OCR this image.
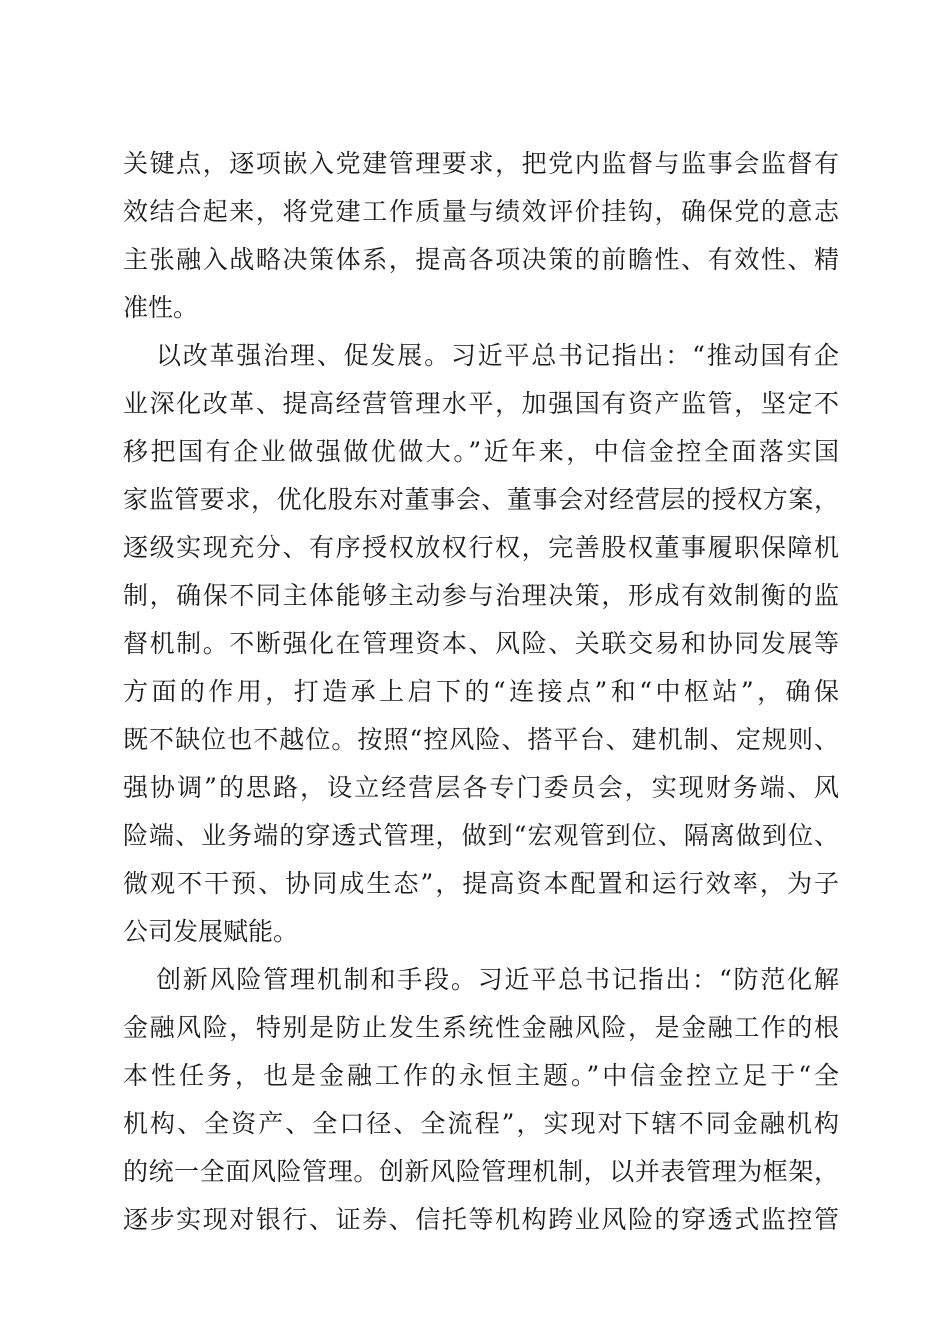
关键点，逐项嵌入党建管理要求，把党内监督与监事会监督有
效结合起来，将党建工作质量与绩效评价挂钩，确保党的意志
主张融入战略决策体系，提高各项决策的前瞻性、有效性、精
准性。
以改革强治理、促发展。习近平总书记指出：“推动国有企
业深化改革、提高经营管理水平，加强国有资产监管，坚定不
移把国有企业做强做优做大。”近年来，中信金控全面落实国
家监管要求，优化股东对董事会、董事会对经营层的授权方案，
逐级实现充分、有序授权放权行权，完善股权董事履职保障机
制，确保不同主体能够主动参与治理决策，形成有效制衡的监
督机制。不断强化在管理资本、风险、关联交易和协同发展等
方面的作用，打造承上启下的“连接点”和“中枢站”，确保
既不缺位也不越位。按照“控风险、搭平台、建机制、定规则、
强协调”的思路，设立经营层各专门委员会，实现财务端、风
险端、业务端的穿透式管理，做到“宏观管到位、隔离做到位、
微观不干预、协同成生态”，提高资本配置和运行效率，为子
公司发展赋能。
创新风险管理机制和手段。习近平总书记指出：“防范化解
金融风险，特别是防止发生系统性金融风险，是金融工作的根
本性任务，也是金融工作的永恒主题。”中信金控立足于“全
机构、全资产、全口径、全流程”，实现对下辖不同金融机构
的统一全面风险管理。创新风险管理机制，以并表管理为框架，
逐步实现对银行、证券、信托等机构跨业风险的穿透式监控管
